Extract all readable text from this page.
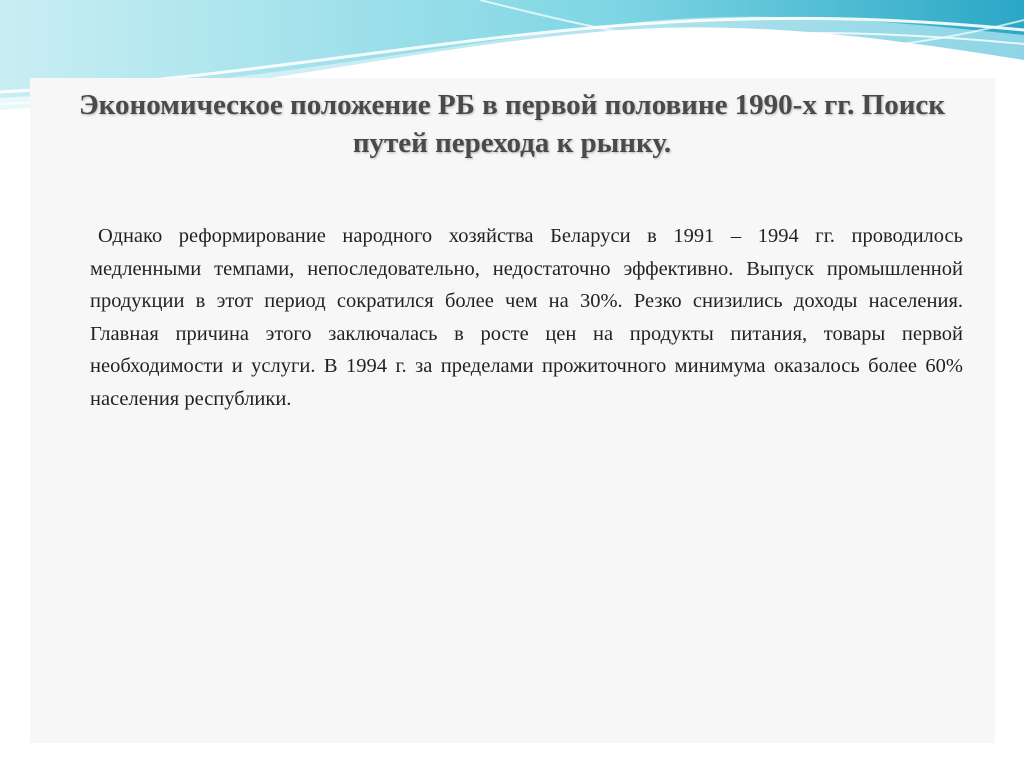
Экономическое положение РБ в первой половине 1990-х гг. Поиск путей перехода к рынку.

Однако реформирование народного хозяйства Беларуси в 1991 – 1994 гг. проводилось медленными темпами, непоследовательно, недостаточно эффективно. Выпуск промышленной продукции в этот период сократился более чем на 30%. Резко снизились доходы населения. Главная причина этого заключалась в росте цен на продукты питания, товары первой необходимости и услуги. В 1994 г. за пределами прожиточного минимума оказалось более 60% населения республики.
